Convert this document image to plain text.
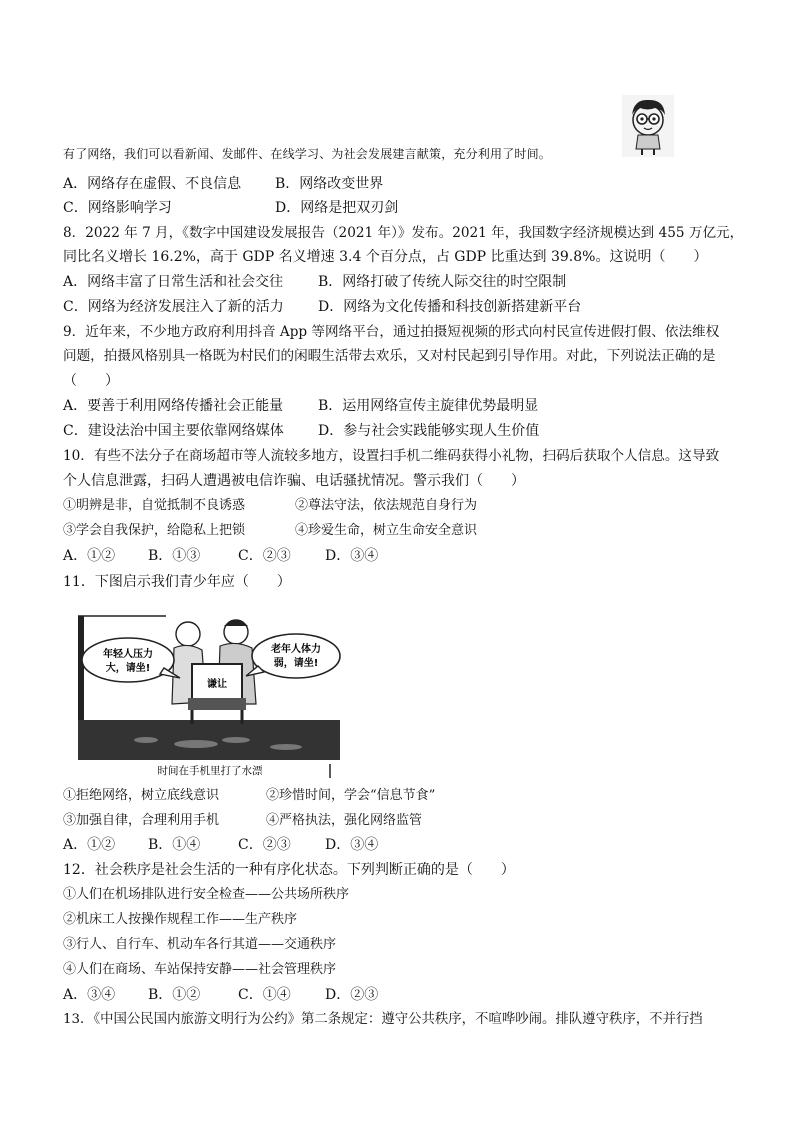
有了网络，我们可以看新闻、发邮件、在线学习、为社会发展建言献策，充分利用了时间。
A．网络存在虚假、不良信息 B．网络改变世界
C．网络影响学习	D．网络是把双刃剑
8．2022 年 7 月，《数字中国建设发展报告（2021 年）》发布。2021 年，我国数字经济规模达到 455 万亿元，
同比名义增长 16.2%，高于 GDP 名义增速 3.4 个百分点，占 GDP 比重达到 39.8%。这说明（　　）
A．网络丰富了日常生活和社会交往 B．网络打破了传统人际交往的时空限制
C．网络为经济发展注入了新的活力 D．网络为文化传播和科技创新搭建新平台
9．近年来，不少地方政府利用抖音 App 等网络平台，通过拍摄短视频的形式向村民宣传进假打假、依法维权
问题，拍摄风格别具一格既为村民们的闲暇生活带去欢乐，又对村民起到引导作用。对此，下列说法正确的是
（　　）
A．要善于利用网络传播社会正能量 B．运用网络宣传主旋律优势最明显
C．建设法治中国主要依靠网络媒体 D．参与社会实践能够实现人生价值
10．有些不法分子在商场超市等人流较多地方，设置扫手机二维码获得小礼物，扫码后获取个人信息。这导致
个人信息泄露，扫码人遭遇被电信诈骗、电话骚扰情况。警示我们（　　）
①明辨是非，自觉抵制不良诱惑	②尊法守法，依法规范自身行为
③学会自我保护，给隐私上把锁	④珍爱生命，树立生命安全意识
A．①② B．①③	C．②③ D．③④
11．下图启示我们青少年应（　　）
谦让
年轻人压力
大，请坐!
老年人体力
弱，请坐!
时间在手机里打了水漂
①拒绝网络，树立底线意识	②珍惜时间，学会“信息节食”
③加强自律，合理利用手机	④严格执法，强化网络监管
A．①② B．①④	C．②③ D．③④
12．社会秩序是社会生活的一种有序化状态。下列判断正确的是（　　）
①人们在机场排队进行安全检查——公共场所秩序
②机床工人按操作规程工作——生产秩序
③行人、自行车、机动车各行其道——交通秩序
④人们在商场、车站保持安静——社会管理秩序
A．③④ B．①②	C．①④ D．②③
13．《中国公民国内旅游文明行为公约》第二条规定：遵守公共秩序，不喧哗吵闹。排队遵守秩序，不并行挡
